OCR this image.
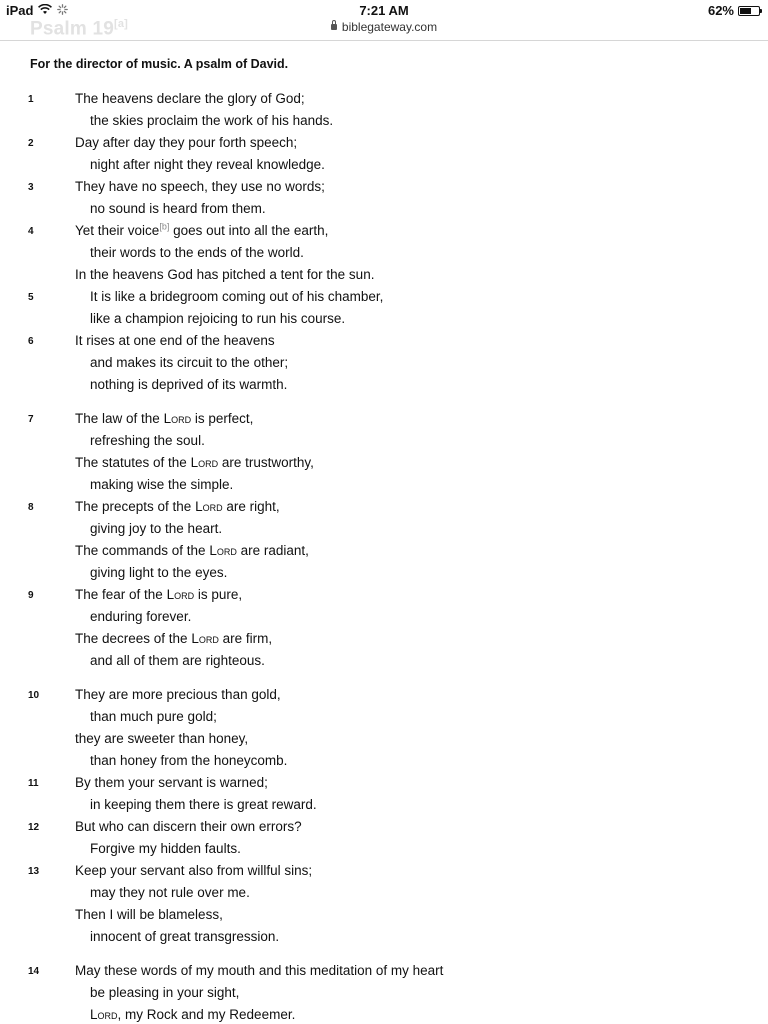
iPad	7:21 AM	62%
Psalm 19[a]	biblegateway.com
For the director of music. A psalm of David.
1	The heavens declare the glory of God;
the skies proclaim the work of his hands.
2	Day after day they pour forth speech;
night after night they reveal knowledge.
3	They have no speech, they use no words;
no sound is heard from them.
4	Yet their voice[b] goes out into all the earth,
their words to the ends of the world.
In the heavens God has pitched a tent for the sun.
5	It is like a bridegroom coming out of his chamber,
like a champion rejoicing to run his course.
6	It rises at one end of the heavens
and makes its circuit to the other;
nothing is deprived of its warmth.
7	The law of the Lord is perfect,
refreshing the soul.
The statutes of the Lord are trustworthy,
making wise the simple.
8	The precepts of the Lord are right,
giving joy to the heart.
The commands of the Lord are radiant,
giving light to the eyes.
9	The fear of the Lord is pure,
enduring forever.
The decrees of the Lord are firm,
and all of them are righteous.
10	They are more precious than gold,
than much pure gold;
they are sweeter than honey,
than honey from the honeycomb.
11	By them your servant is warned;
in keeping them there is great reward.
12	But who can discern their own errors?
Forgive my hidden faults.
13	Keep your servant also from willful sins;
may they not rule over me.
Then I will be blameless,
innocent of great transgression.
14	May these words of my mouth and this meditation of my heart
be pleasing in your sight,
Lord, my Rock and my Redeemer.
